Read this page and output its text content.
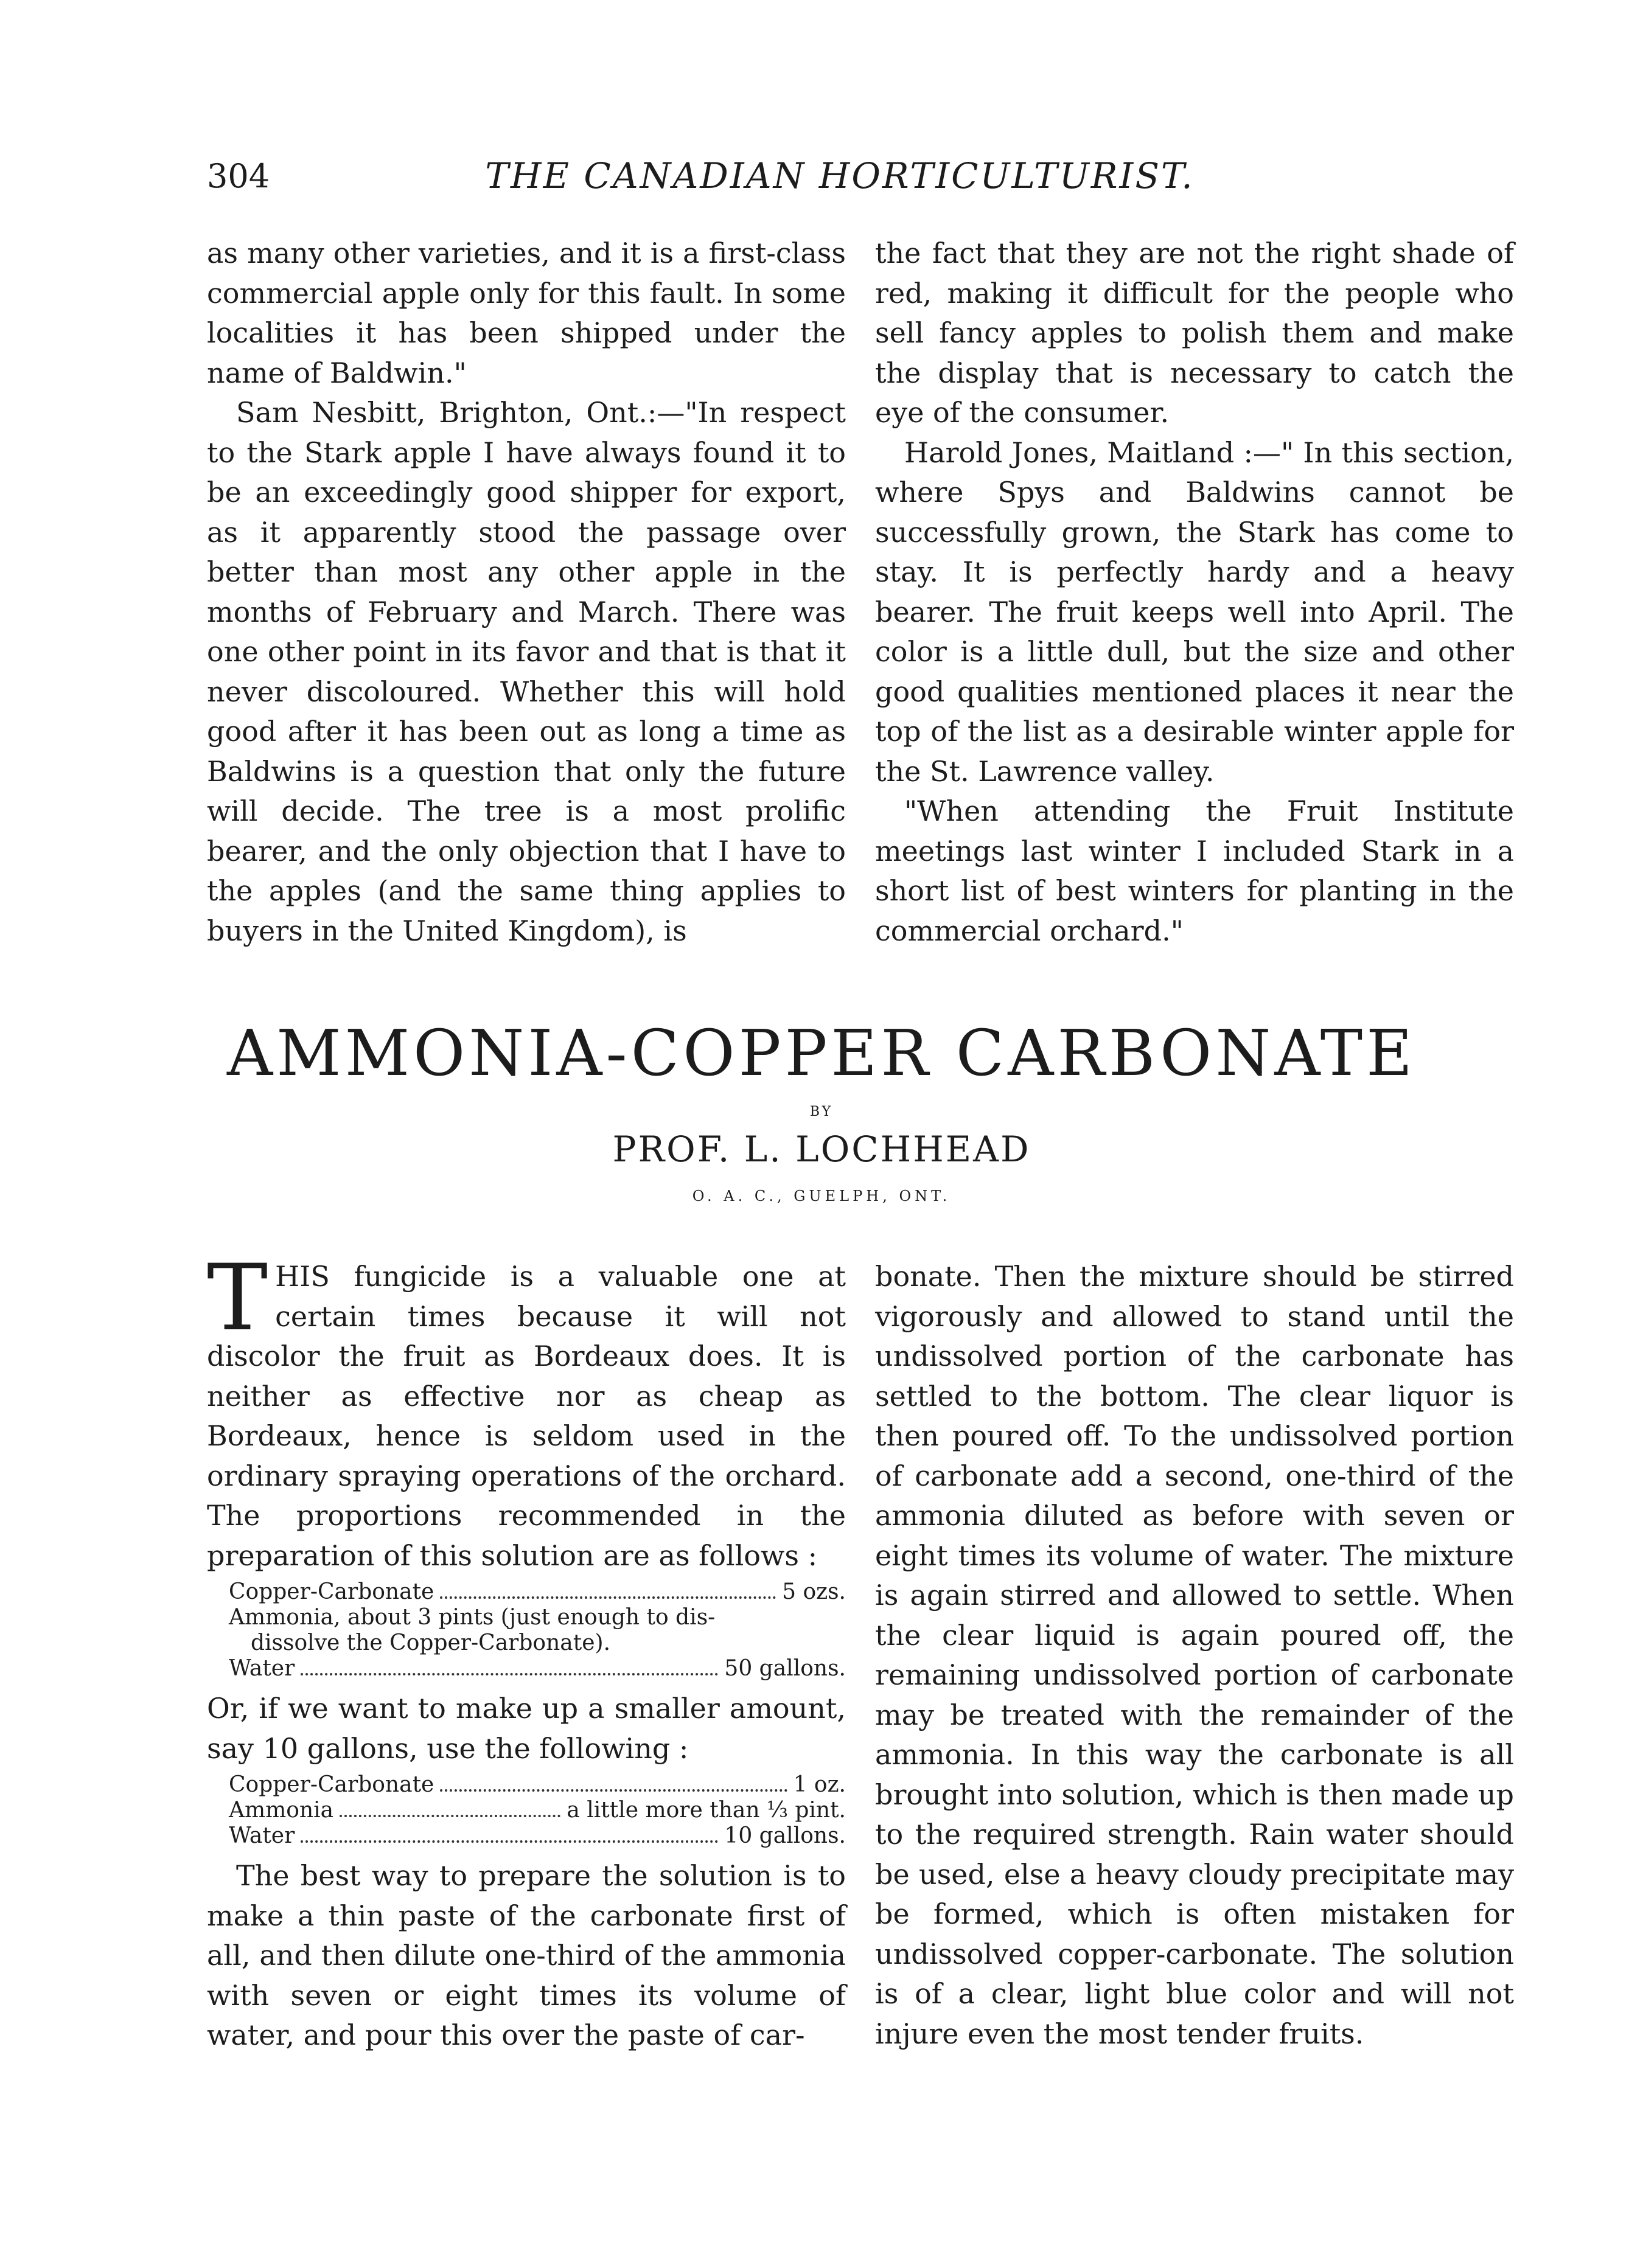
304	THE CANADIAN HORTICULTURIST.

as many other varieties, and it is a first-class commercial apple only for this fault. In some localities it has been shipped under the name of Baldwin."

Sam Nesbitt, Brighton, Ont.:—"In respect to the Stark apple I have always found it to be an exceedingly good shipper for export, as it apparently stood the passage over better than most any other apple in the months of February and March. There was one other point in its favor and that is that it never discoloured. Whether this will hold good after it has been out as long a time as Baldwins is a question that only the future will decide. The tree is a most prolific bearer, and the only objection that I have to the apples (and the same thing applies to buyers in the United Kingdom), is

the fact that they are not the right shade of red, making it difficult for the people who sell fancy apples to polish them and make the display that is necessary to catch the eye of the consumer.

Harold Jones, Maitland :—" In this section, where Spys and Baldwins cannot be successfully grown, the Stark has come to stay. It is perfectly hardy and a heavy bearer. The fruit keeps well into April. The color is a little dull, but the size and other good qualities mentioned places it near the top of the list as a desirable winter apple for the St. Lawrence valley.

"When attending the Fruit Institute meetings last winter I included Stark in a short list of best winters for planting in the commercial orchard."

AMMONIA-COPPER CARBONATE
BY
PROF. L. LOCHHEAD
O. A. C., GUELPH, ONT.

T HIS fungicide is a valuable one at certain times because it will not discolor the fruit as Bordeaux does. It is neither as effective nor as cheap as Bordeaux, hence is seldom used in the ordinary spraying operations of the orchard. The proportions recommended in the preparation of this solution are as follows :

Copper-Carbonate	5 ozs.
Ammonia, about 3 pints (just enough to dis-
dissolve the Copper-Carbonate).
Water	50 gallons.

Or, if we want to make up a smaller amount, say 10 gallons, use the following :

Copper-Carbonate	1 oz.
Ammonia	a little more than ⅓ pint.
Water	10 gallons.

The best way to prepare the solution is to make a thin paste of the carbonate first of all, and then dilute one-third of the ammonia with seven or eight times its volume of water, and pour this over the paste of car-

bonate. Then the mixture should be stirred vigorously and allowed to stand until the undissolved portion of the carbonate has settled to the bottom. The clear liquor is then poured off. To the undissolved portion of carbonate add a second, one-third of the ammonia diluted as before with seven or eight times its volume of water. The mixture is again stirred and allowed to settle. When the clear liquid is again poured off, the remaining undissolved portion of carbonate may be treated with the remainder of the ammonia. In this way the carbonate is all brought into solution, which is then made up to the required strength. Rain water should be used, else a heavy cloudy precipitate may be formed, which is often mistaken for undissolved copper-carbonate. The solution is of a clear, light blue color and will not injure even the most tender fruits.
